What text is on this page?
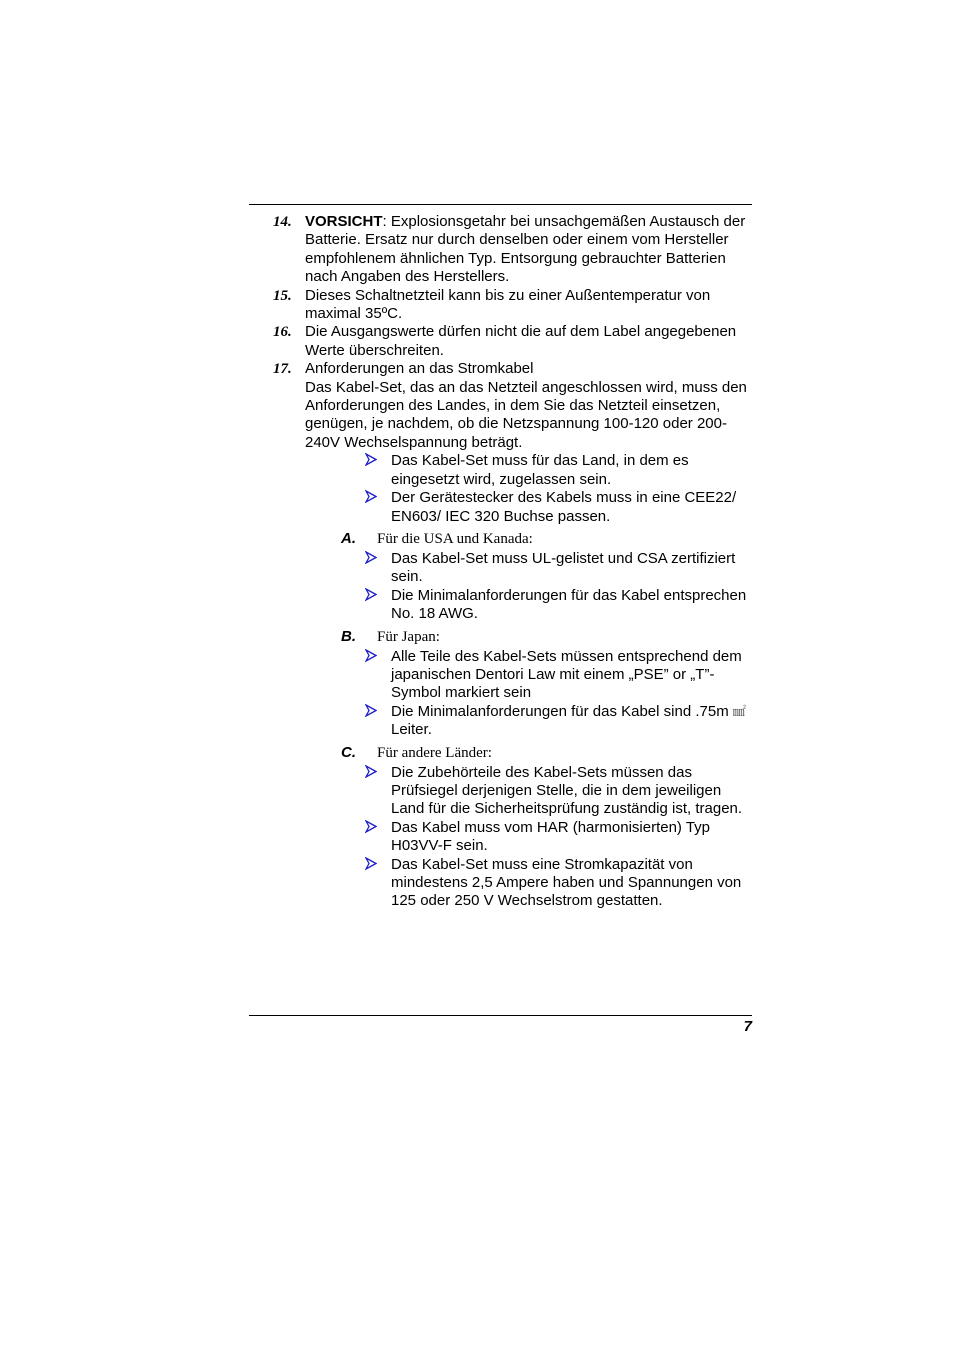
14. VORSICHT: Explosionsgetahr bei unsachgemäßen Austausch der Batterie. Ersatz nur durch denselben oder einem vom Hersteller empfohlenem ähnlichen Typ. Entsorgung gebrauchter Batterien nach Angaben des Herstellers.
15. Dieses Schaltnetzteil kann bis zu einer Außentemperatur von maximal 35ºC.
16. Die Ausgangswerte dürfen nicht die auf dem Label angegebenen Werte überschreiten.
17. Anforderungen an das Stromkabel
Das Kabel-Set, das an das Netzteil angeschlossen wird, muss den Anforderungen des Landes, in dem Sie das Netzteil einsetzen, genügen, je nachdem, ob die Netzspannung 100-120 oder 200-240V Wechselspannung beträgt.
Das Kabel-Set muss für das Land, in dem es eingesetzt wird, zugelassen sein.
Der Gerätestecker des Kabels muss in eine CEE22/ EN603/ IEC 320 Buchse passen.
A. Für die USA und Kanada:
Das Kabel-Set muss UL-gelistet und CSA zertifiziert sein.
Die Minimalanforderungen für das Kabel entsprechen No. 18 AWG.
B. Für Japan:
Alle Teile des Kabel-Sets müssen entsprechend dem japanischen Dentori Law mit einem „PSE” or „T”-Symbol markiert sein
Die Minimalanforderungen für das Kabel sind .75m ㎟ Leiter.
C. Für andere Länder:
Die Zubehörteile des Kabel-Sets müssen das Prüfsiegel derjenigen Stelle, die in dem jeweiligen Land für die Sicherheitsprüfung zuständig ist, tragen.
Das Kabel muss vom HAR (harmonisierten) Typ H03VV-F sein.
Das Kabel-Set muss eine Stromkapazität von mindestens 2,5 Ampere haben und Spannungen von 125 oder 250 V Wechselstrom gestatten.
7
